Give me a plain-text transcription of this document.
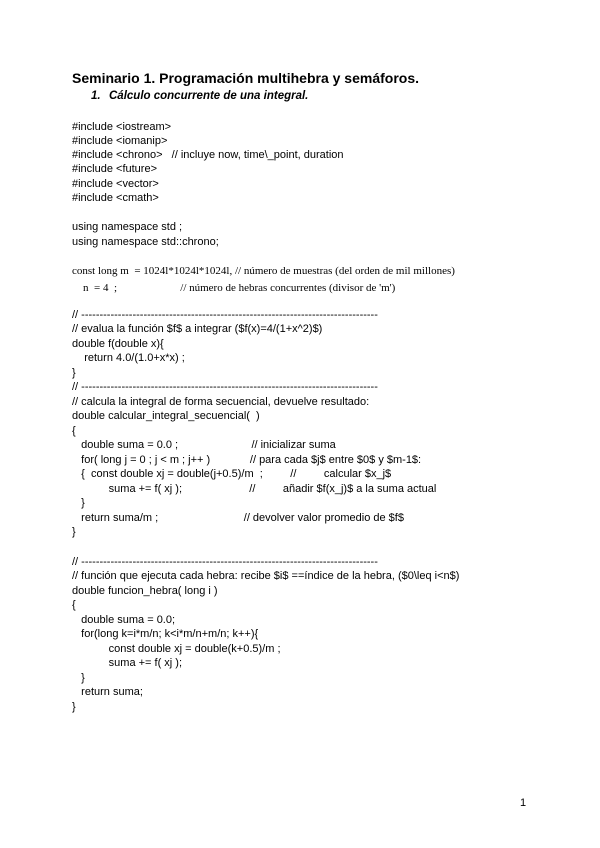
Seminario 1. Programación multihebra y semáforos.
1. Cálculo concurrente de una integral.
#include <iostream>
#include <iomanip>
#include <chrono>   // incluye now, time\_point, duration
#include <future>
#include <vector>
#include <cmath>
using namespace std ;
using namespace std::chrono;
const long m  = 1024l*1024l*1024l, // número de muestras (del orden de mil millones)
n  = 4  ;                       // número de hebras concurrentes (divisor de 'm')
// ---------------------------------------------------------------------------------
// evalua la función $f$ a integrar ($f(x)=4/(1+x^2)$)
double f(double x){
return 4.0/(1.0+x*x) ;
}
// ---------------------------------------------------------------------------------
// calcula la integral de forma secuencial, devuelve resultado:
double calcular_integral_secuencial(  )
{
double suma = 0.0 ;                        // inicializar suma
for( long j = 0 ; j < m ; j++ )             // para cada $j$ entre $0$ y $m-1$:
{  const double xj = double(j+0.5)/m  ;         //         calcular $x_j$
suma += f( xj );                      //         añadir $f(x_j)$ a la suma actual
}
return suma/m ;                            // devolver valor promedio de $f$
}
// ---------------------------------------------------------------------------------
// función que ejecuta cada hebra: recibe $i$ ==índice de la hebra, ($0\leq i<n$)
double funcion_hebra( long i )
{
double suma = 0.0;
for(long k=i*m/n; k<i*m/n+m/n; k++){
const double xj = double(k+0.5)/m ;
suma += f( xj );
}
return suma;
}
1
